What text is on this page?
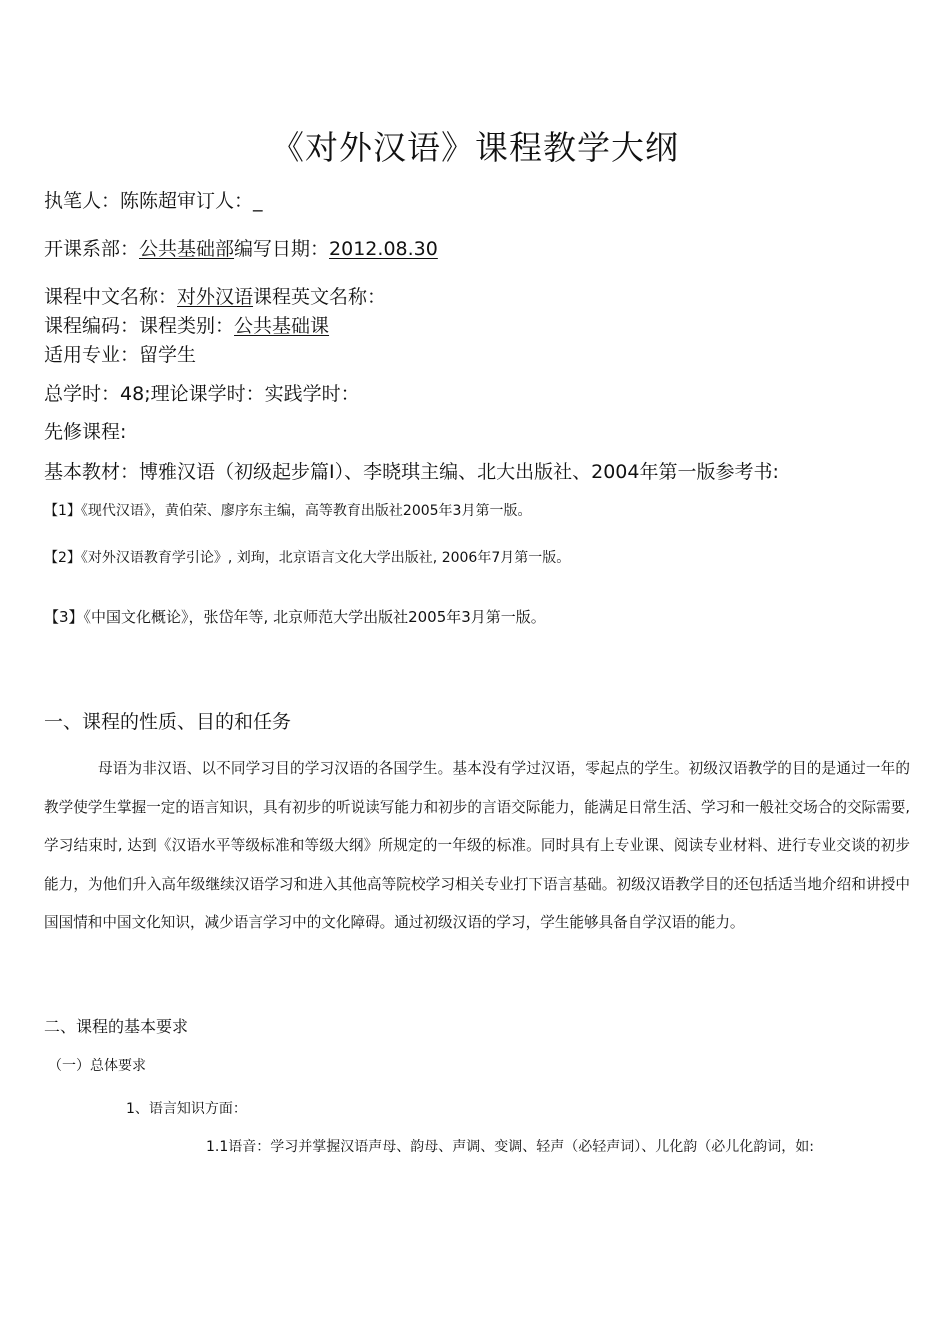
《对外汉语》课程教学大纲
执笔人：陈陈超审订人：_
开课系部：公共基础部编写日期：2012.08.30
课程中文名称：对外汉语课程英文名称：
课程编码：课程类别：公共基础课
适用专业：留学生
总学时：48;理论课学时：实践学时：
先修课程:
基本教材：博雅汉语（初级起步篇Ⅰ）、李晓琪主编、北大出版社、2004年第一版参考书:
【1】《现代汉语》，黄伯荣、廖序东主编，高等教育出版社2005年3月第一版。
【2】《对外汉语教育学引论》, 刘珣，北京语言文化大学出版社, 2006年7月第一版。
【3】《中国文化概论》，张岱年等, 北京师范大学出版社2005年3月第一版。
一、课程的性质、目的和任务
母语为非汉语、以不同学习目的学习汉语的各国学生。基本没有学过汉语，零起点的学生。初级汉语教学的目的是通过一年的教学使学生掌握一定的语言知识，具有初步的听说读写能力和初步的言语交际能力，能满足日常生活、学习和一般社交场合的交际需要, 学习结束时, 达到《汉语水平等级标准和等级大纲》所规定的一年级的标准。同时具有上专业课、阅读专业材料、进行专业交谈的初步能力，为他们升入高年级继续汉语学习和进入其他高等院校学习相关专业打下语言基础。初级汉语教学目的还包括适当地介绍和讲授中国国情和中国文化知识，减少语言学习中的文化障碍。通过初级汉语的学习，学生能够具备自学汉语的能力。
二、课程的基本要求
（一）总体要求
1、语言知识方面：
1.1语音：学习并掌握汉语声母、韵母、声调、变调、轻声（必轻声词）、儿化韵（必儿化韵词，如:
